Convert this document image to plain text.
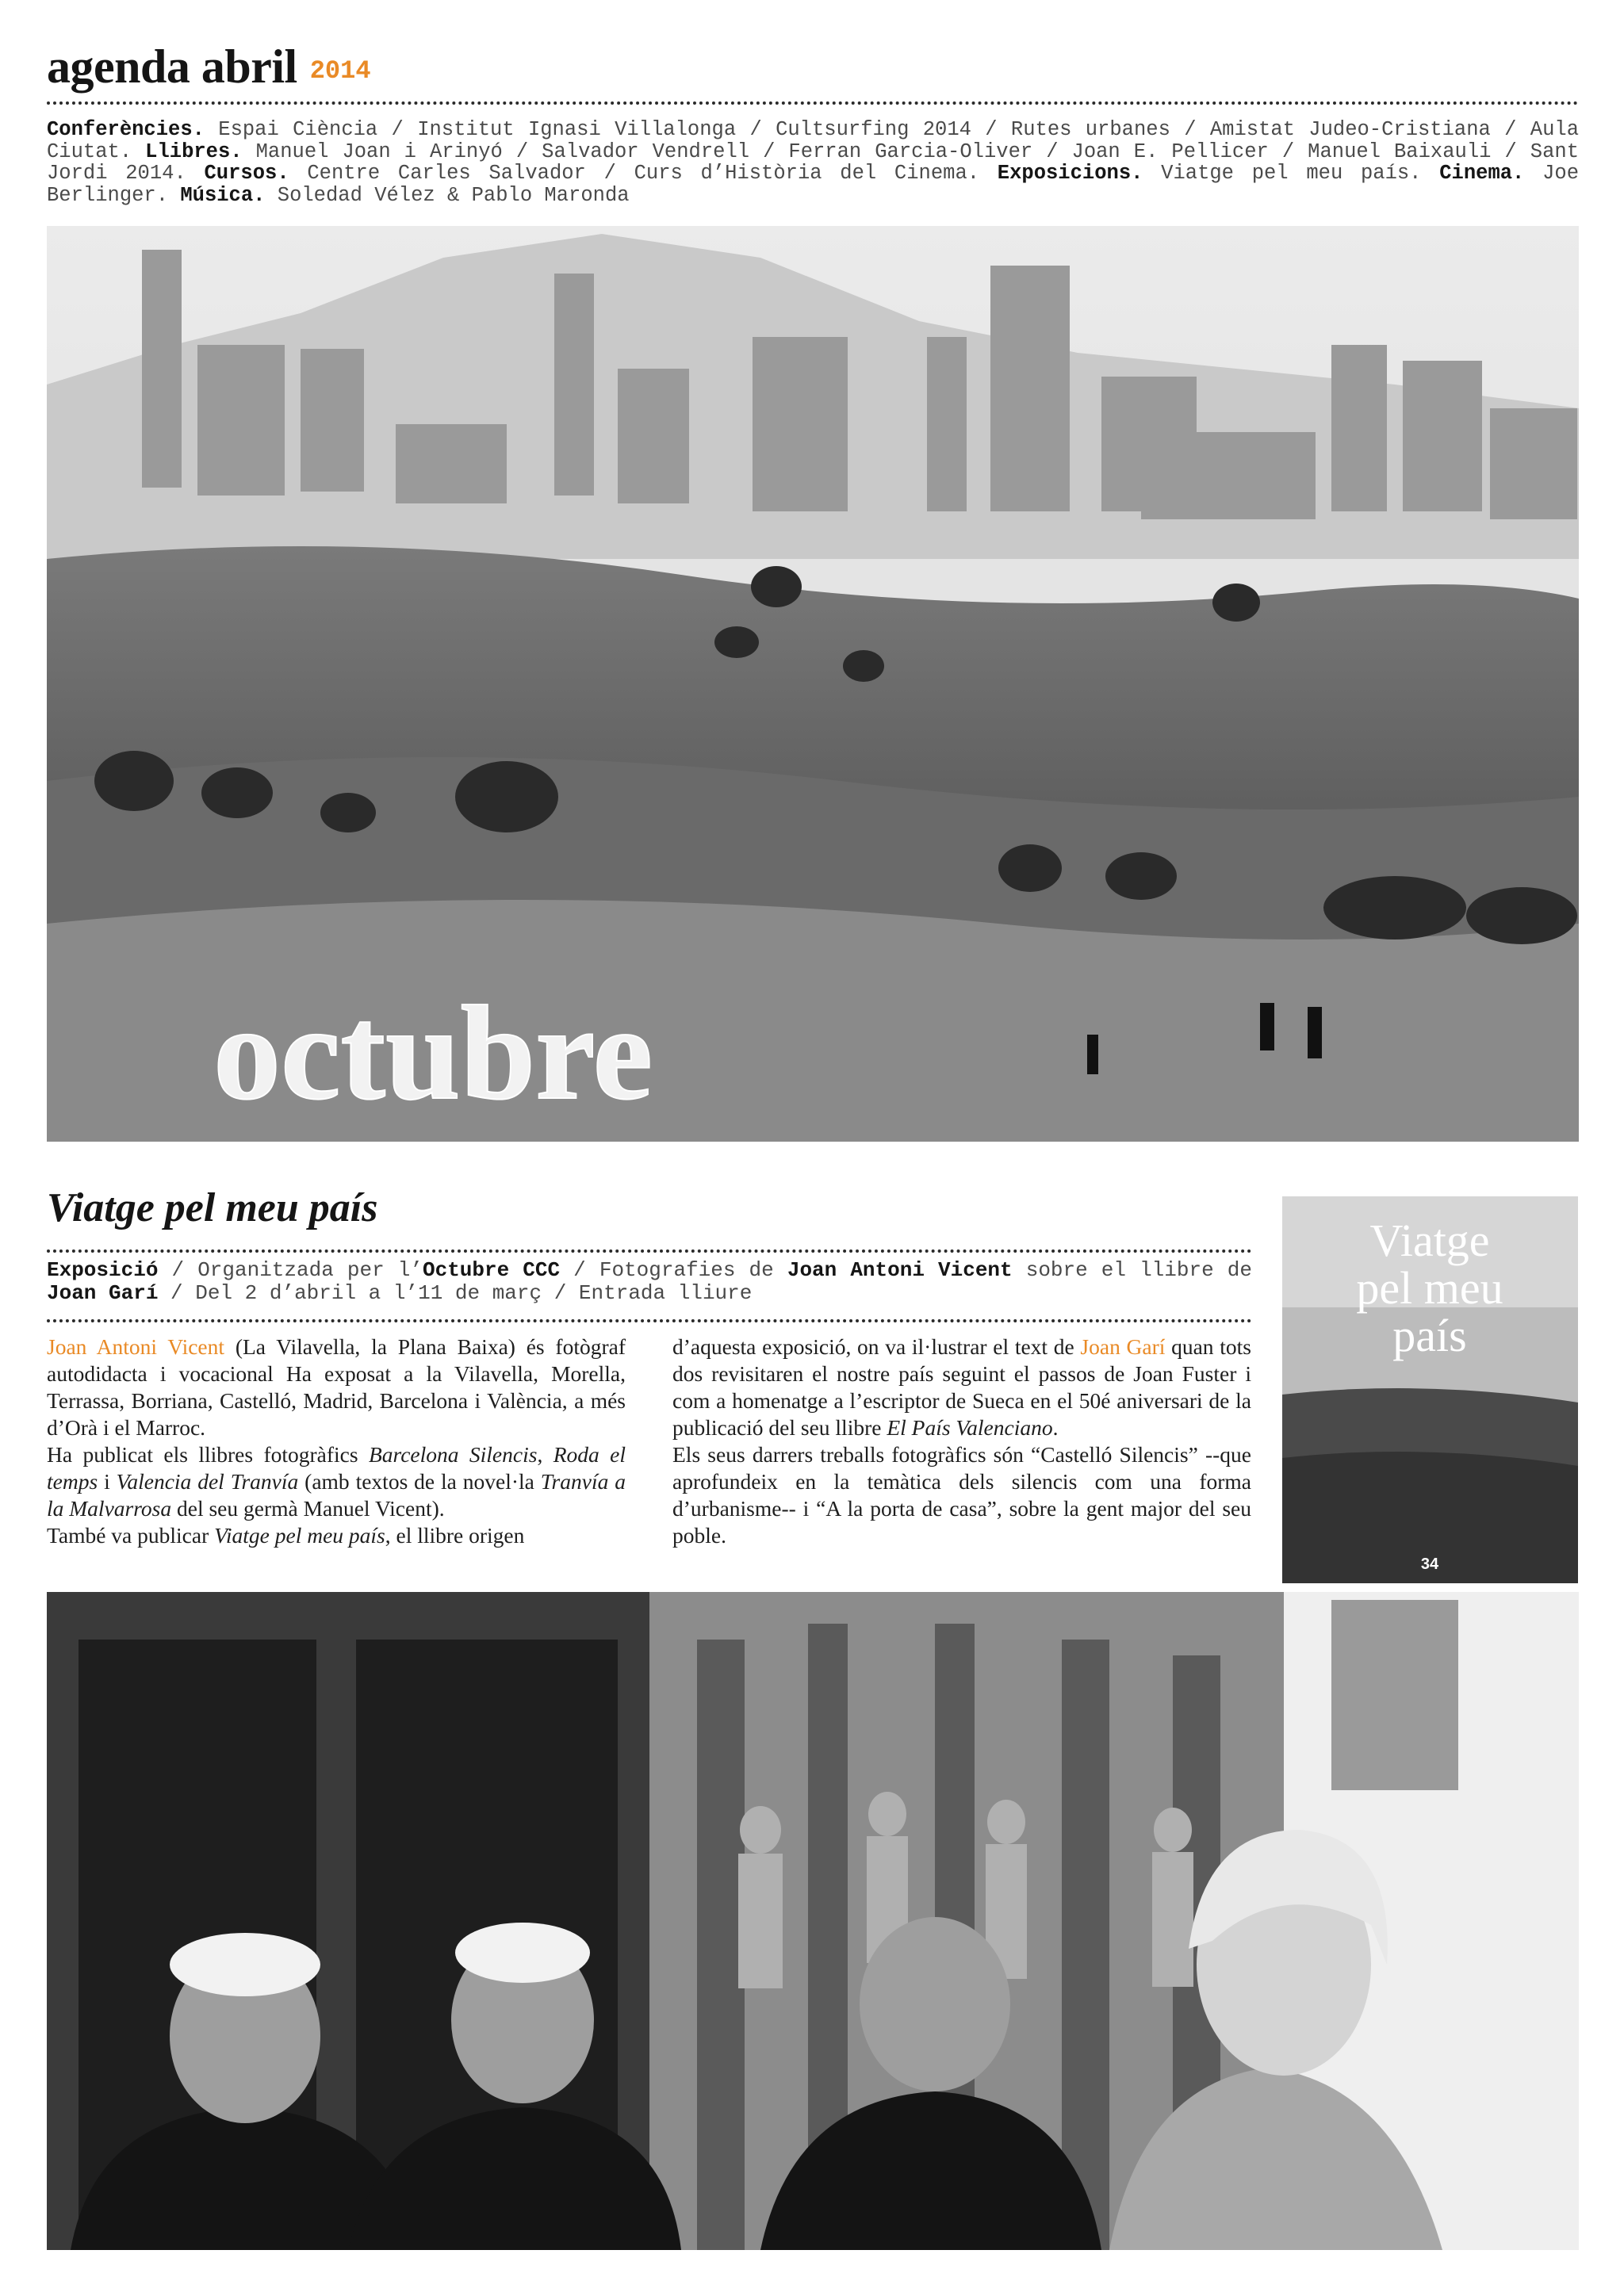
agenda abril 2014
Conferències. Espai Ciència / Institut Ignasi Villalonga / Cultsurfing 2014 / Rutes urbanes / Amistat Judeo-Cristiana / Aula Ciutat. Llibres. Manuel Joan i Arinyó / Salvador Vendrell / Ferran Garcia-Oliver / Joan E. Pellicer / Manuel Baixauli / Sant Jordi 2014. Cursos. Centre Carles Salvador / Curs d’Història del Cinema. Exposicions. Viatge pel meu país. Cinema. Joe Berlinger. Música. Soledad Vélez & Pablo Maronda
octubre
Viatge pel meu país
Exposició / Organitzada per l’Octubre CCC / Fotografies de Joan Antoni Vicent sobre el llibre de Joan Garí / Del 2 d’abril a l’11 de març / Entrada lliure

Joan Antoni Vicent (La Vilavella, la Plana Baixa) és fotògraf autodidacta i vocacional Ha exposat a la Vilavella, Morella, Terrassa, Borriana, Castelló, Madrid, Barcelona i València, a més d’Orà i el Marroc.

Ha publicat els llibres fotogràfics Barcelona Silencis, Roda el temps i Valencia del Tranvía (amb textos de la novel·la Tranvía a la Malvarrosa del seu germà Manuel Vicent).

També va publicar Viatge pel meu país, el llibre origen

d’aquesta exposició, on va il·lustrar el text de Joan Garí quan tots dos revisitaren el nostre país seguint el passos de Joan Fuster i com a homenatge a l’escriptor de Sueca en el 50é aniversari de la publicació del seu llibre El País Valenciano.

Els seus darrers treballs fotogràfics són “Castelló Silencis” --que aprofundeix en la temàtica dels silencis com una forma d’urbanisme-- i “A la porta de casa”, sobre la gent major del seu poble.

Viatge
pel meu
país
34
